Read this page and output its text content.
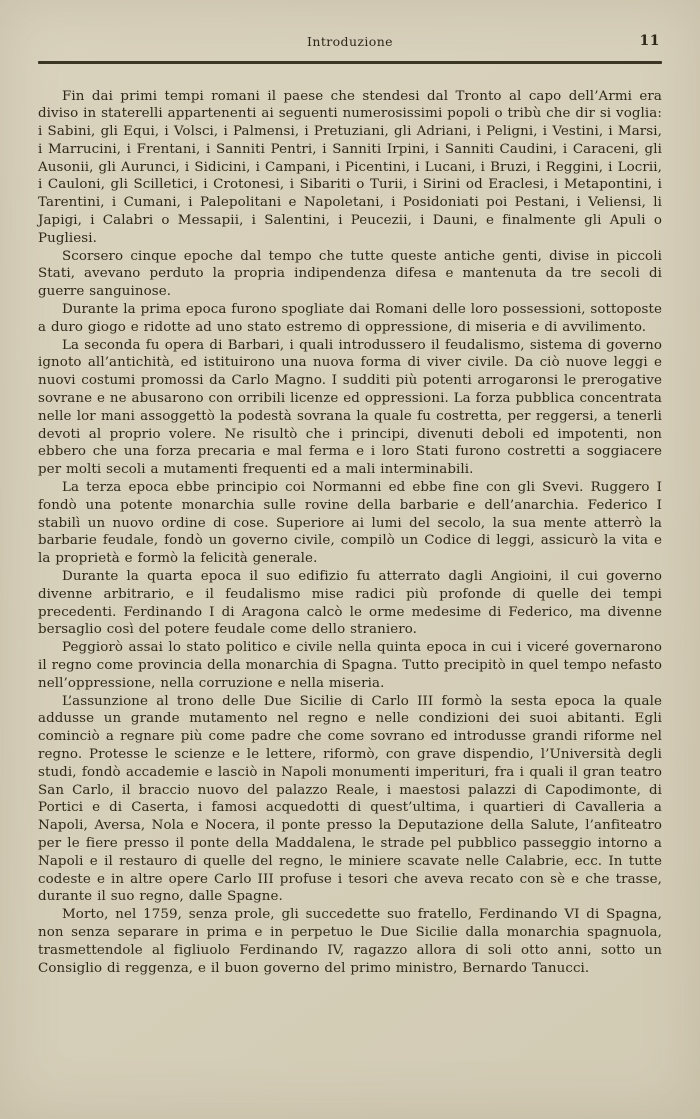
Introduzione	11

Fin dai primi tempi romani il paese che stendesi dal Tronto al capo dell’Armi era diviso in staterelli appartenenti ai seguenti numerosissimi popoli o tribù che dir si voglia: i Sabini, gli Equi, i Volsci, i Palmensi, i Pretuziani, gli Adriani, i Peligni, i Vestini, i Marsi, i Marrucini, i Frentani, i Sanniti Pentri, i Sanniti Irpini, i Sanniti Caudini, i Caraceni, gli Ausonii, gli Aurunci, i Sidicini, i Campani, i Picentini, i Lucani, i Bruzi, i Reggini, i Locrii, i Cauloni, gli Scilletici, i Crotonesi, i Sibariti o Turii, i Sirini od Eraclesi, i Metapontini, i Tarentini, i Cumani, i Palepolitani e Napoletani, i Posidoniati poi Pestani, i Veliensi, li Japigi, i Calabri o Messapii, i Salentini, i Peucezii, i Dauni, e finalmente gli Apuli o Pugliesi.

Scorsero cinque epoche dal tempo che tutte queste antiche genti, divise in piccoli Stati, avevano perduto la propria indipendenza difesa e mantenuta da tre secoli di guerre sanguinose.

Durante la prima epoca furono spogliate dai Romani delle loro possessioni, sottoposte a duro giogo e ridotte ad uno stato estremo di oppressione, di miseria e di avvilimento.

La seconda fu opera di Barbari, i quali introdussero il feudalismo, sistema di governo ignoto all’antichità, ed istituirono una nuova forma di viver civile. Da ciò nuove leggi e nuovi costumi promossi da Carlo Magno. I sudditi più potenti arrogaronsi le prerogative sovrane e ne abusarono con orribili licenze ed oppressioni. La forza pubblica concentrata nelle lor mani assoggettò la podestà sovrana la quale fu costretta, per reggersi, a tenerli devoti al proprio volere. Ne risultò che i principi, divenuti deboli ed impotenti, non ebbero che una forza precaria e mal ferma e i loro Stati furono costretti a soggiacere per molti secoli a mutamenti frequenti ed a mali interminabili.

La terza epoca ebbe principio coi Normanni ed ebbe fine con gli Svevi. Ruggero I fondò una potente monarchia sulle rovine della barbarie e dell’anarchia. Federico I stabilì un nuovo ordine di cose. Superiore ai lumi del secolo, la sua mente atterrò la barbarie feudale, fondò un governo civile, compilò un Codice di leggi, assicurò la vita e la proprietà e formò la felicità generale.

Durante la quarta epoca il suo edifizio fu atterrato dagli Angioini, il cui governo divenne arbitrario, e il feudalismo mise radici più profonde di quelle dei tempi precedenti. Ferdinando I di Aragona calcò le orme medesime di Federico, ma divenne bersaglio così del potere feudale come dello straniero.

Peggiorò assai lo stato politico e civile nella quinta epoca in cui i viceré governarono il regno come provincia della monarchia di Spagna. Tutto precipitò in quel tempo nefasto nell’oppressione, nella corruzione e nella miseria.

L’assunzione al trono delle Due Sicilie di Carlo III formò la sesta epoca la quale addusse un grande mutamento nel regno e nelle condizioni dei suoi abitanti. Egli cominciò a regnare più come padre che come sovrano ed introdusse grandi riforme nel regno. Protesse le scienze e le lettere, riformò, con grave dispendio, l’Università degli studi, fondò accademie e lasciò in Napoli monumenti imperituri, fra i quali il gran teatro San Carlo, il braccio nuovo del palazzo Reale, i maestosi palazzi di Capodimonte, di Portici e di Caserta, i famosi acquedotti di quest’ultima, i quartieri di Cavalleria a Napoli, Aversa, Nola e Nocera, il ponte presso la Deputazione della Salute, l’anfiteatro per le fiere presso il ponte della Maddalena, le strade pel pubblico passeggio intorno a Napoli e il restauro di quelle del regno, le miniere scavate nelle Calabrie, ecc. In tutte codeste e in altre opere Carlo III profuse i tesori che aveva recato con sè e che trasse, durante il suo regno, dalle Spagne.

Morto, nel 1759, senza prole, gli succedette suo fratello, Ferdinando VI di Spagna, non senza separare in prima e in perpetuo le Due Sicilie dalla monarchia spagnuola, trasmettendole al figliuolo Ferdinando IV, ragazzo allora di soli otto anni, sotto un Consiglio di reggenza, e il buon governo del primo ministro, Bernardo Tanucci.
